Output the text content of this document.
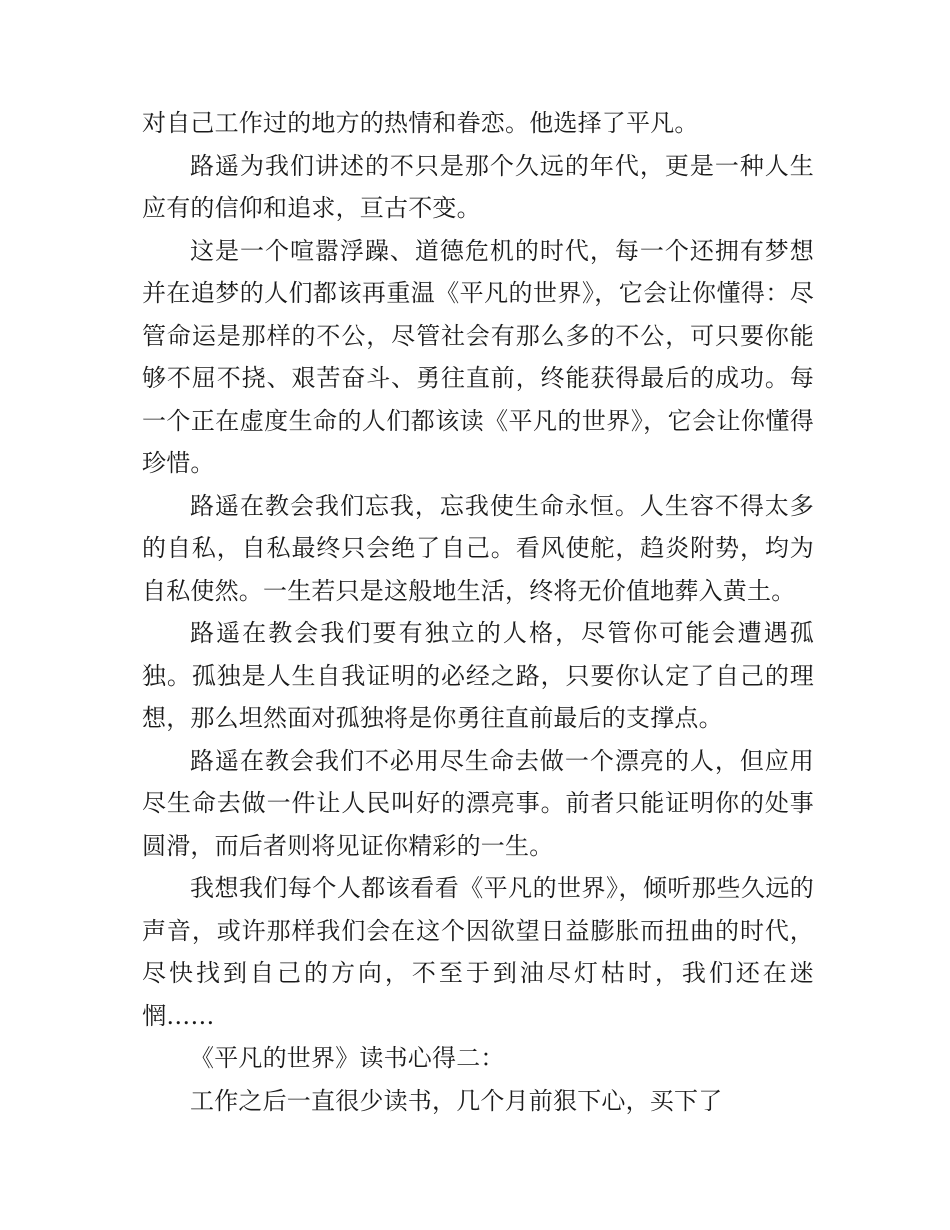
对自己工作过的地方的热情和眷恋。他选择了平凡。

路遥为我们讲述的不只是那个久远的年代，更是一种人生应有的信仰和追求，亘古不变。

这是一个喧嚣浮躁、道德危机的时代，每一个还拥有梦想并在追梦的人们都该再重温《平凡的世界》，它会让你懂得：尽管命运是那样的不公，尽管社会有那么多的不公，可只要你能够不屈不挠、艰苦奋斗、勇往直前，终能获得最后的成功。每一个正在虚度生命的人们都该读《平凡的世界》，它会让你懂得珍惜。

路遥在教会我们忘我，忘我使生命永恒。人生容不得太多的自私，自私最终只会绝了自己。看风使舵，趋炎附势，均为自私使然。一生若只是这般地生活，终将无价值地葬入黄土。

路遥在教会我们要有独立的人格，尽管你可能会遭遇孤独。孤独是人生自我证明的必经之路，只要你认定了自己的理想，那么坦然面对孤独将是你勇往直前最后的支撑点。

路遥在教会我们不必用尽生命去做一个漂亮的人，但应用尽生命去做一件让人民叫好的漂亮事。前者只能证明你的处事圆滑，而后者则将见证你精彩的一生。

我想我们每个人都该看看《平凡的世界》，倾听那些久远的声音，或许那样我们会在这个因欲望日益膨胀而扭曲的时代，尽快找到自己的方向，不至于到油尽灯枯时，我们还在迷惘……

《平凡的世界》读书心得二：

工作之后一直很少读书，几个月前狠下心，买下了
